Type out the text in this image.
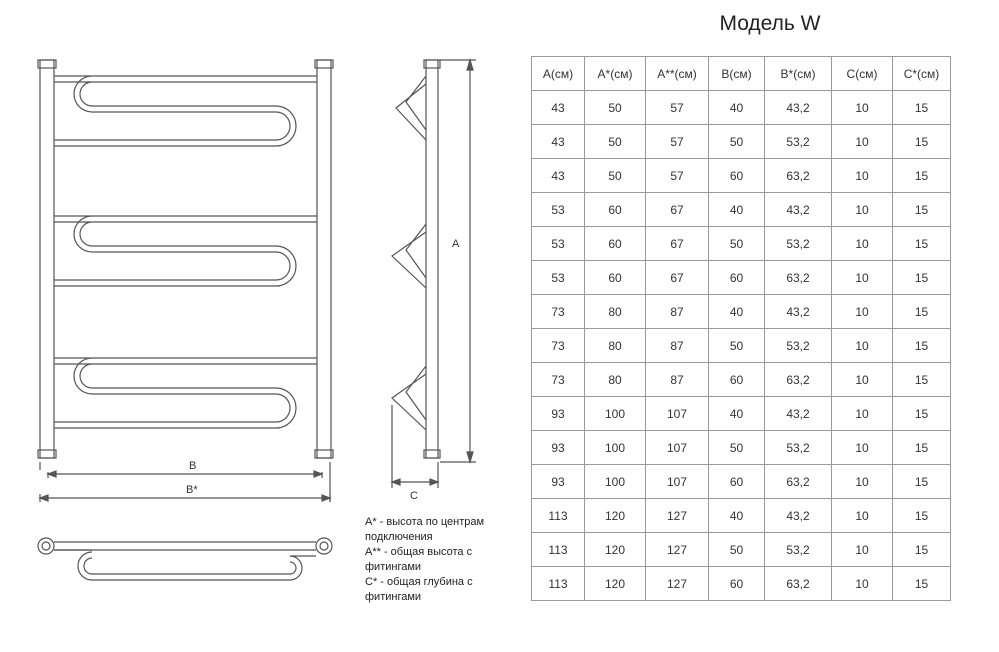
B
B*
A
C
А* - высота по центрам
подключения
А** - общая высота с
фитингами
С* - общая глубина с
фитингами
Модель W
А(см)	А*(см)	А**(см)	В(см)	В*(см)	С(см)	С*(см)
43	50	57	40	43,2	10	15
43	50	57	50	53,2	10	15
43	50	57	60	63,2	10	15
53	60	67	40	43,2	10	15
53	60	67	50	53,2	10	15
53	60	67	60	63,2	10	15
73	80	87	40	43,2	10	15
73	80	87	50	53,2	10	15
73	80	87	60	63,2	10	15
93	100	107	40	43,2	10	15
93	100	107	50	53,2	10	15
93	100	107	60	63,2	10	15
113	120	127	40	43,2	10	15
113	120	127	50	53,2	10	15
113	120	127	60	63,2	10	15
